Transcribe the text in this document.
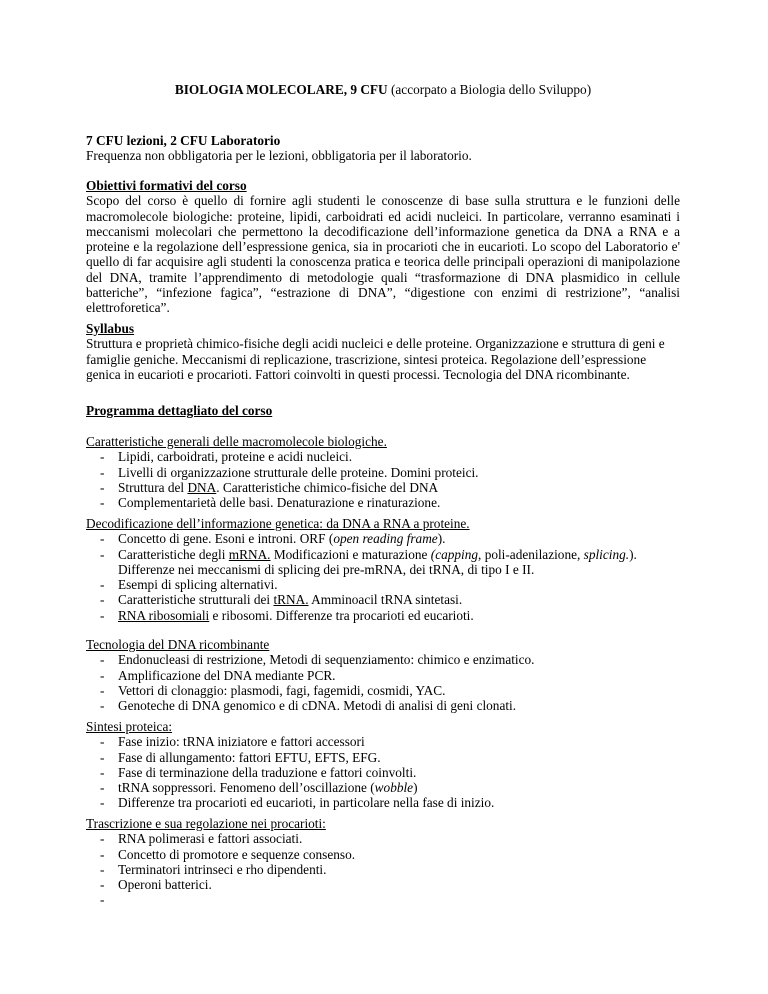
BIOLOGIA MOLECOLARE, 9 CFU (accorpato a Biologia dello Sviluppo)

7 CFU lezioni, 2 CFU Laboratorio

Frequenza non obbligatoria per le lezioni, obbligatoria per il laboratorio.

Obiettivi formativi del corso

Scopo del corso è quello di fornire agli studenti le conoscenze di base sulla struttura e le funzioni delle macromolecole biologiche: proteine, lipidi, carboidrati ed acidi nucleici. In particolare, verranno esaminati i meccanismi molecolari che permettono la decodificazione dell’informazione genetica da DNA a RNA e a proteine e la regolazione dell’espressione genica, sia in procarioti che in eucarioti. Lo scopo del Laboratorio e' quello di far acquisire agli studenti la conoscenza pratica e teorica delle principali operazioni di manipolazione del DNA, tramite l’apprendimento di metodologie quali “trasformazione di DNA plasmidico in cellule batteriche”, “infezione fagica”, “estrazione di DNA”, “digestione con enzimi di restrizione”, “analisi elettroforetica”.

Syllabus

Struttura e proprietà chimico-fisiche degli acidi nucleici e delle proteine. Organizzazione e struttura di geni e famiglie geniche. Meccanismi di replicazione, trascrizione, sintesi proteica. Regolazione dell’espressione genica in eucarioti e procarioti. Fattori coinvolti in questi processi. Tecnologia del DNA ricombinante.

Programma dettagliato del corso

Caratteristiche generali delle macromolecole biologiche.

- Lipidi, carboidrati, proteine e acidi nucleici.
- Livelli di organizzazione strutturale delle proteine. Domini proteici.
- Struttura del DNA. Caratteristiche chimico-fisiche del DNA
- Complementarietà delle basi. Denaturazione e rinaturazione.

Decodificazione dell’informazione genetica: da DNA a RNA a proteine.

- Concetto di gene. Esoni e introni. ORF (open reading frame).
- Caratteristiche degli mRNA. Modificazioni e maturazione (capping, poli-adenilazione, splicing.). Differenze nei meccanismi di splicing dei pre-mRNA, dei tRNA, di tipo I e II.
- Esempi di splicing alternativi.
- Caratteristiche strutturali dei tRNA. Amminoacil tRNA sintetasi.
- RNA ribosomiali e ribosomi. Differenze tra procarioti ed eucarioti.

Tecnologia del DNA ricombinante

- Endonucleasi di restrizione, Metodi di sequenziamento: chimico e enzimatico.
- Amplificazione del DNA mediante PCR.
- Vettori di clonaggio: plasmodi, fagi, fagemidi, cosmidi, YAC.
- Genoteche di DNA genomico e di cDNA. Metodi di analisi di geni clonati.

Sintesi proteica:

- Fase inizio: tRNA iniziatore e fattori accessori
- Fase di allungamento: fattori EFTU, EFTS, EFG.
- Fase di terminazione della traduzione e fattori coinvolti.
- tRNA soppressori. Fenomeno dell’oscillazione (wobble)
- Differenze tra procarioti ed eucarioti, in particolare nella fase di inizio.

Trascrizione e sua regolazione nei procarioti:

- RNA polimerasi e fattori associati.
- Concetto di promotore e sequenze consenso.
- Terminatori intrinseci e rho dipendenti.
- Operoni batterici.
-
